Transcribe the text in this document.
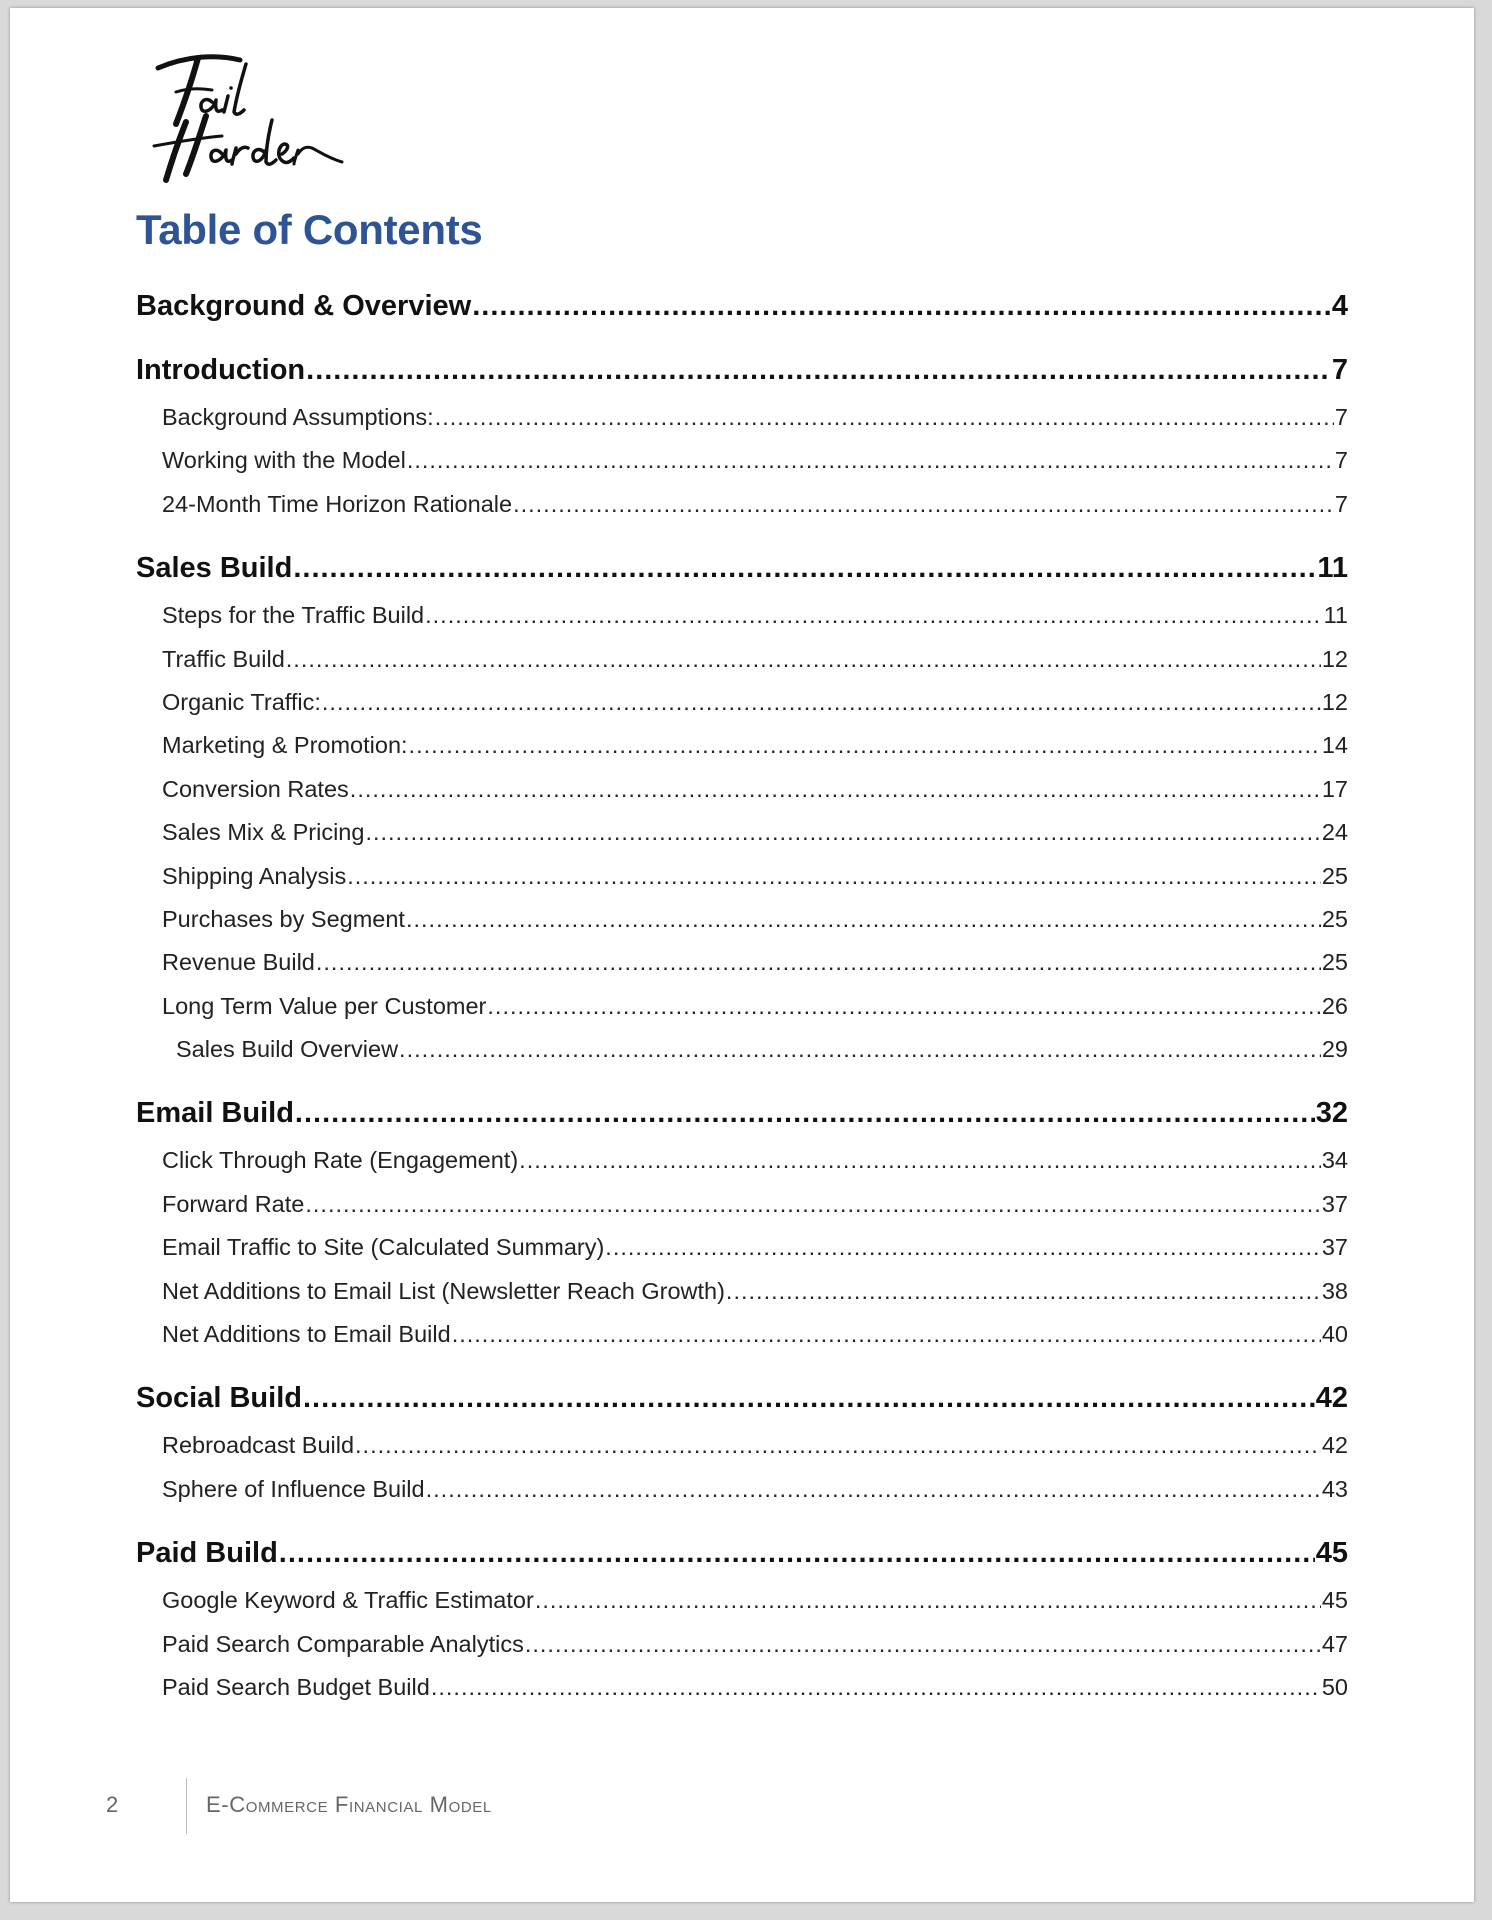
Table of Contents
Background & Overview .....	4
Introduction .....	7
Background Assumptions: .....	7
Working with the Model .....	7
24-Month Time Horizon Rationale .....	7
Sales Build .....	11
Steps for the Traffic Build .....	11
Traffic Build .....	12
Organic Traffic: .....	12
Marketing & Promotion: .....	14
Conversion Rates .....	17
Sales Mix & Pricing .....	24
Shipping Analysis .....	25
Purchases by Segment .....	25
Revenue Build .....	25
Long Term Value per Customer .....	26
Sales Build Overview .....	29
Email Build .....	32
Click Through Rate (Engagement) .....	34
Forward Rate .....	37
Email Traffic to Site (Calculated Summary) .....	37
Net Additions to Email List (Newsletter Reach Growth) .....	38
Net Additions to Email Build .....	40
Social Build .....	42
Rebroadcast Build .....	42
Sphere of Influence Build .....	43
Paid Build .....	45
Google Keyword & Traffic Estimator .....	45
Paid Search Comparable Analytics .....	47
Paid Search Budget Build .....	50
2	E-Commerce Financial Model
